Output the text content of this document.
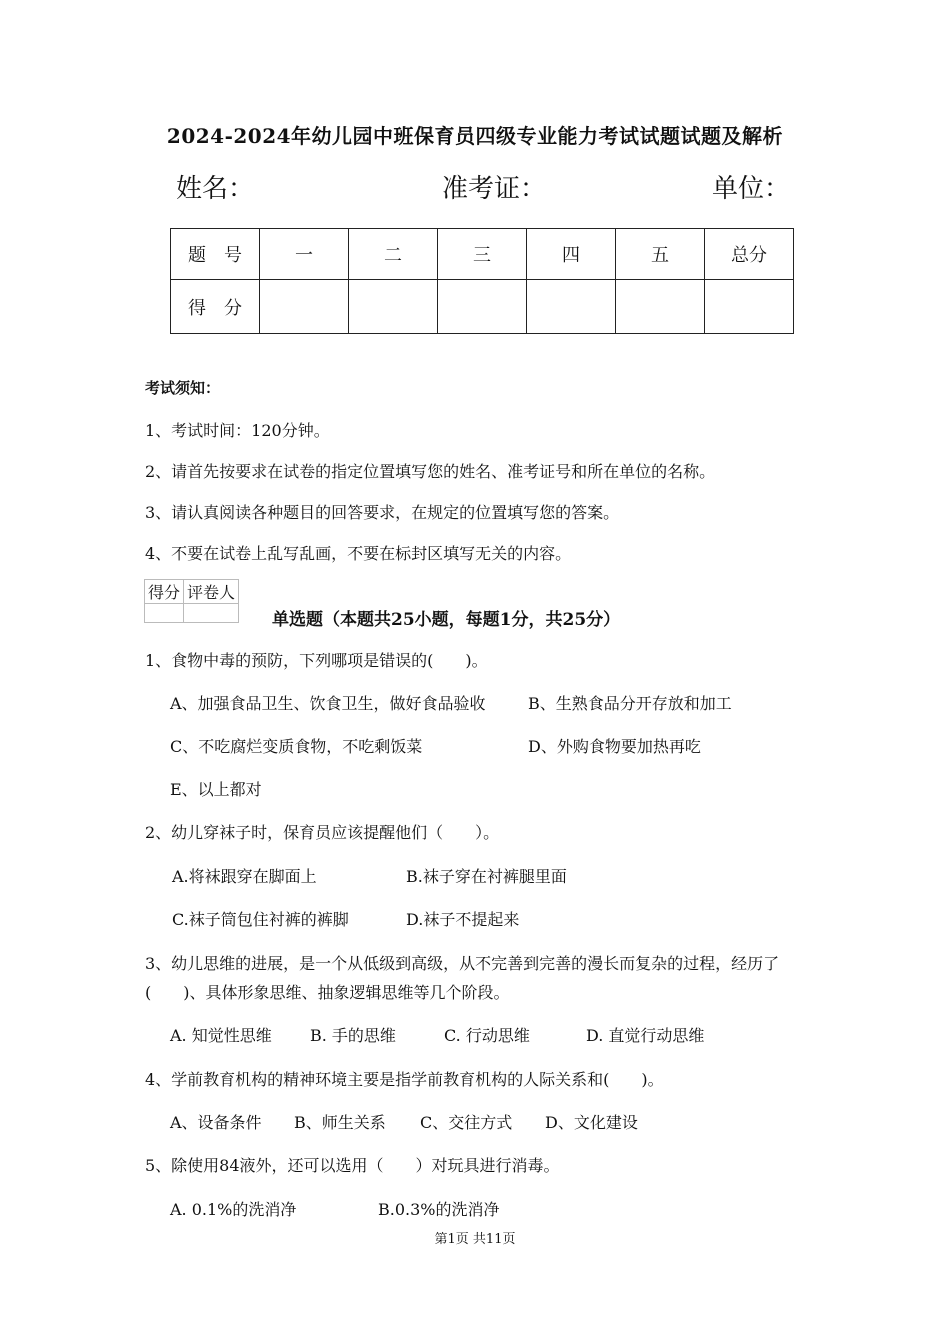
2024-2024年幼儿园中班保育员四级专业能力考试试题试题及解析
姓名：	准考证：	单位：
题　号	一	二	三	四	五	总分
得　分						
考试须知：
1、考试时间：120分钟。
2、请首先按要求在试卷的指定位置填写您的姓名、准考证号和所在单位的名称。
3、请认真阅读各种题目的回答要求，在规定的位置填写您的答案。
4、不要在试卷上乱写乱画，不要在标封区填写无关的内容。
得分	评卷人

单选题（本题共25小题，每题1分，共25分）
1、食物中毒的预防，下列哪项是错误的(　　)。
A、加强食品卫生、饮食卫生，做好食品验收	B、生熟食品分开存放和加工
C、不吃腐烂变质食物，不吃剩饭菜	D、外购食物要加热再吃
E、以上都对
2、幼儿穿袜子时，保育员应该提醒他们（　　）。
A.将袜跟穿在脚面上	B.袜子穿在衬裤腿里面
C.袜子筒包住衬裤的裤脚	D.袜子不提起来
3、幼儿思维的进展，是一个从低级到高级，从不完善到完善的漫长而复杂的过程，经历了
(　　)、具体形象思维、抽象逻辑思维等几个阶段。
A. 知觉性思维 B. 手的思维	C. 行动思维	D. 直觉行动思维
4、学前教育机构的精神环境主要是指学前教育机构的人际关系和(　　)。
A、设备条件 B、师生关系 C、交往方式 D、文化建设
5、除使用84液外，还可以选用（　　）对玩具进行消毒。
A. 0.1%的洗消净	B.0.3%的洗消净
第1页 共11页
